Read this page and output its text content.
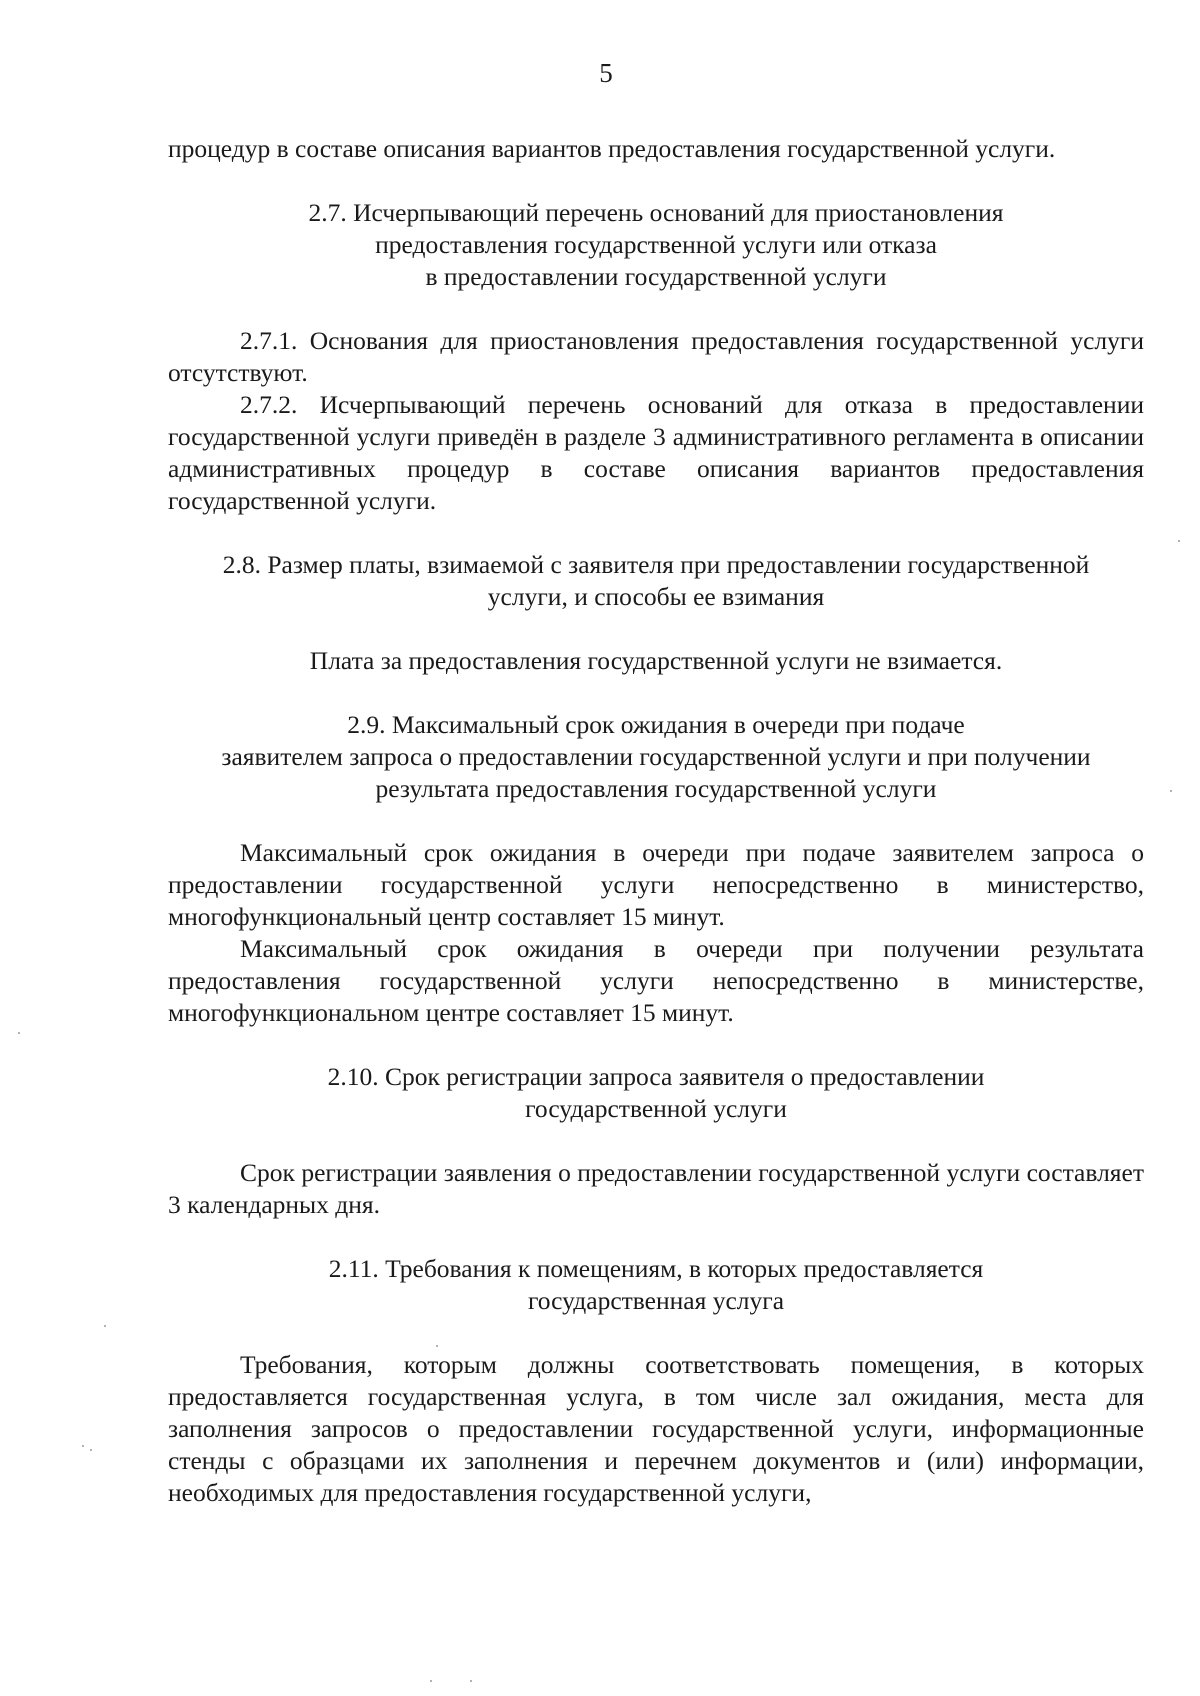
5

процедур в составе описания вариантов предоставления государственной услуги.

2.7. Исчерпывающий перечень оснований для приостановления

предоставления государственной услуги или отказа

в предоставлении государственной услуги

2.7.1. Основания для приостановления предоставления государственной услуги отсутствуют.

2.7.2. Исчерпывающий перечень оснований для отказа в предоставлении государственной услуги приведён в разделе 3 административного регламента в описании административных процедур в составе описания вариантов предоставления государственной услуги.

2.8. Размер платы, взимаемой с заявителя при предоставлении государственной

услуги, и способы ее взимания

Плата за предоставления государственной услуги не взимается.

2.9. Максимальный срок ожидания в очереди при подаче

заявителем запроса о предоставлении государственной услуги и при получении

результата предоставления государственной услуги

Максимальный срок ожидания в очереди при подаче заявителем запроса о предоставлении государственной услуги непосредственно в министерство, многофункциональный центр составляет 15 минут.

Максимальный срок ожидания в очереди при получении результата предоставления государственной услуги непосредственно в министерстве, многофункциональном центре составляет 15 минут.

2.10. Срок регистрации запроса заявителя о предоставлении

государственной услуги

Срок регистрации заявления о предоставлении государственной услуги составляет 3 календарных дня.

2.11. Требования к помещениям, в которых предоставляется

государственная услуга

Требования, которым должны соответствовать помещения, в которых предоставляется государственная услуга, в том числе зал ожидания, места для заполнения запросов о предоставлении государственной услуги, информационные стенды с образцами их заполнения и перечнем документов и (или) информации, необходимых для предоставления государственной услуги,
